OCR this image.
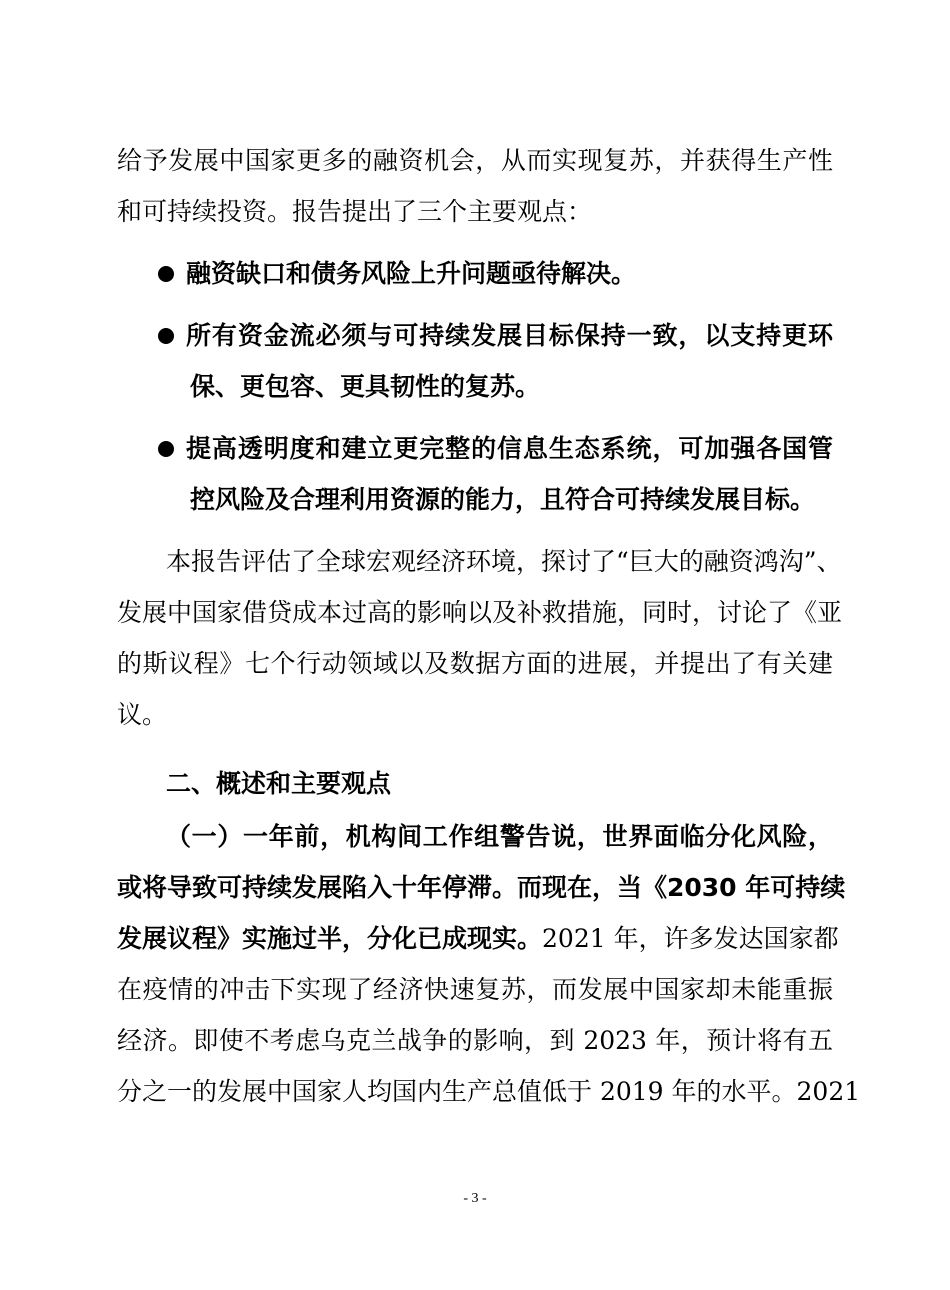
给予发展中国家更多的融资机会，从而实现复苏，并获得生产性
和可持续投资。报告提出了三个主要观点：
融资缺口和债务风险上升问题亟待解决。
所有资金流必须与可持续发展目标保持一致，以支持更环
保、更包容、更具韧性的复苏。
提高透明度和建立更完整的信息生态系统，可加强各国管
控风险及合理利用资源的能力，且符合可持续发展目标。
本报告评估了全球宏观经济环境，探讨了“巨大的融资鸿沟”、
发展中国家借贷成本过高的影响以及补救措施，同时，讨论了《亚
的斯议程》七个行动领域以及数据方面的进展，并提出了有关建
议。
二、概述和主要观点
（一）一年前，机构间工作组警告说，世界面临分化风险，
或将导致可持续发展陷入十年停滞。而现在，当《2030 年可持续
发展议程》实施过半，分化已成现实。2021 年，许多发达国家都
在疫情的冲击下实现了经济快速复苏，而发展中国家却未能重振
经济。即使不考虑乌克兰战争的影响，到 2023 年，预计将有五
分之一的发展中国家人均国内生产总值低于 2019 年的水平。2021
- 3 -
